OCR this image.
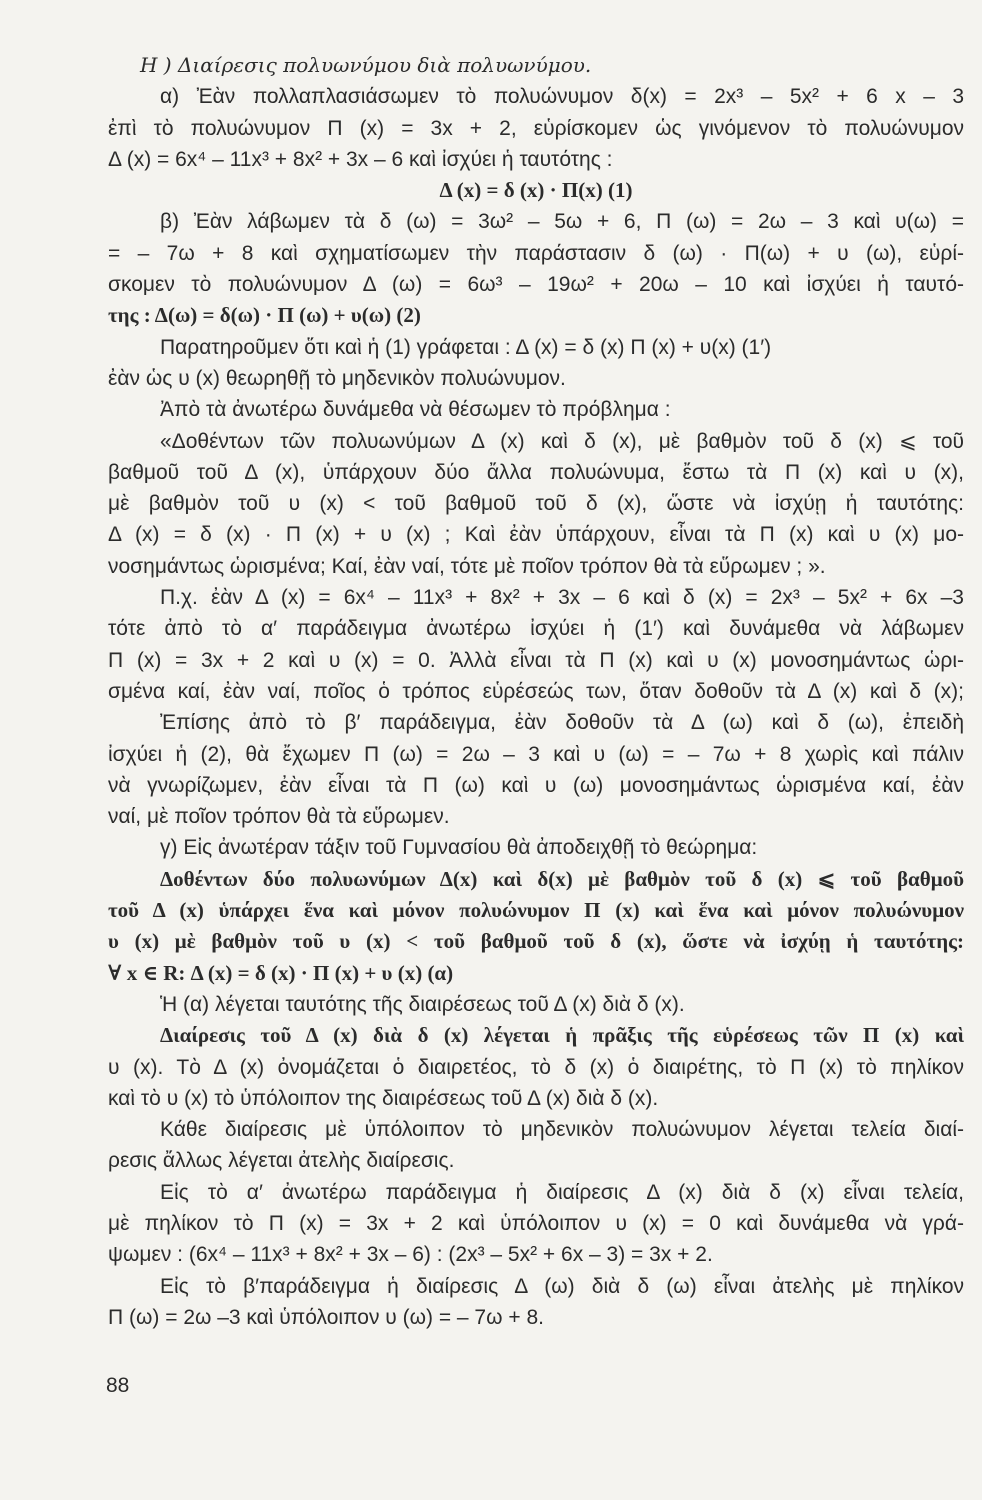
Η ) Διαίρεσις πολυωνύμου διὰ πολυωνύμου.
α) Ἐὰν πολλαπλασιάσωμεν τὸ πολυώνυμον δ(x) = 2x³ – 5x² + 6 x – 3
ἐπὶ τὸ πολυώνυμον Π (x) = 3x + 2, εὑρίσκομεν ὡς γινόμενον τὸ πολυώνυμον
Δ (x) = 6x⁴ – 11x³ + 8x² + 3x – 6 καὶ ἰσχύει ἡ ταυτότης :
Δ (x) = δ (x) · Π(x) (1)
β) Ἐὰν λάβωμεν τὰ δ (ω) = 3ω² – 5ω + 6, Π (ω) = 2ω – 3 καὶ υ(ω) =
= – 7ω + 8 καὶ σχηματίσωμεν τὴν παράστασιν δ (ω) · Π(ω) + υ (ω), εὑρί-
σκομεν τὸ πολυώνυμον Δ (ω) = 6ω³ – 19ω² + 20ω – 10 καὶ ἰσχύει ἡ ταυτό-
της : Δ(ω) = δ(ω) · Π (ω) + υ(ω) (2)
Παρατηροῦμεν ὅτι καὶ ἡ (1) γράφεται : Δ (x) = δ (x) Π (x) + υ(x) (1′)
ἐὰν ὡς υ (x) θεωρηθῇ τὸ μηδενικὸν πολυώνυμον.
Ἀπὸ τὰ ἀνωτέρω δυνάμεθα νὰ θέσωμεν τὸ πρόβλημα :
«Δοθέντων τῶν πολυωνύμων Δ (x) καὶ δ (x), μὲ βαθμὸν τοῦ δ (x) ⩽ τοῦ
βαθμοῦ τοῦ Δ (x), ὑπάρχουν δύο ἄλλα πολυώνυμα, ἔστω τὰ Π (x) καὶ υ (x),
μὲ βαθμὸν τοῦ υ (x) < τοῦ βαθμοῦ τοῦ δ (x), ὥστε νὰ ἰσχύῃ ἡ ταυτότης:
Δ (x) = δ (x) · Π (x) + υ (x) ; Καὶ ἐὰν ὑπάρχουν, εἶναι τὰ Π (x) καὶ υ (x) μο-
νοσημάντως ὡρισμένα; Καί, ἐὰν ναί, τότε μὲ ποῖον τρόπον θὰ τὰ εὕρωμεν ; ».
Π.χ. ἐὰν Δ (x) = 6x⁴ – 11x³ + 8x² + 3x – 6 καὶ δ (x) = 2x³ – 5x² + 6x –3
τότε ἀπὸ τὸ α′ παράδειγμα ἀνωτέρω ἰσχύει ἡ (1′) καὶ δυνάμεθα νὰ λάβωμεν
Π (x) = 3x + 2 καὶ υ (x) = 0. Ἀλλὰ εἶναι τὰ Π (x) καὶ υ (x) μονοσημάντως ὡρι-
σμένα καί, ἐὰν ναί, ποῖος ὁ τρόπος εὑρέσεώς των, ὅταν δοθοῦν τὰ Δ (x) καὶ δ (x);
Ἐπίσης ἀπὸ τὸ β′ παράδειγμα, ἐὰν δοθοῦν τὰ Δ (ω) καὶ δ (ω), ἐπειδὴ
ἰσχύει ἡ (2), θὰ ἔχωμεν Π (ω) = 2ω – 3 καὶ υ (ω) = – 7ω + 8 χωρὶς καὶ πάλιν
νὰ γνωρίζωμεν, ἐὰν εἶναι τὰ Π (ω) καὶ υ (ω) μονοσημάντως ὡρισμένα καί, ἐὰν
ναί, μὲ ποῖον τρόπον θὰ τὰ εὕρωμεν.
γ) Εἰς ἀνωτέραν τάξιν τοῦ Γυμνασίου θὰ ἀποδειχθῇ τὸ θεώρημα:
Δοθέντων δύο πολυωνύμων Δ(x) καὶ δ(x) μὲ βαθμὸν τοῦ δ (x) ⩽ τοῦ βαθμοῦ
τοῦ Δ (x) ὑπάρχει ἕνα καὶ μόνον πολυώνυμον Π (x) καὶ ἕνα καὶ μόνον πολυώνυμον
υ (x) μὲ βαθμὸν τοῦ υ (x) < τοῦ βαθμοῦ τοῦ δ (x), ὥστε νὰ ἰσχύῃ ἡ ταυτότης:
∀ x ∈ R: Δ (x) = δ (x) · Π (x) + υ (x) (α)
Ἡ (α) λέγεται ταυτότης τῆς διαιρέσεως τοῦ Δ (x) διὰ δ (x).
Διαίρεσις τοῦ Δ (x) διὰ δ (x) λέγεται ἡ πρᾶξις τῆς εὑρέσεως τῶν Π (x) καὶ
υ (x). Τὸ Δ (x) ὀνομάζεται ὁ διαιρετέος, τὸ δ (x) ὁ διαιρέτης, τὸ Π (x) τὸ πηλίκον
καὶ τὸ υ (x) τὸ ὑπόλοιπον της διαιρέσεως τοῦ Δ (x) διὰ δ (x).
Κάθε διαίρεσις μὲ ὑπόλοιπον τὸ μηδενικὸν πολυώνυμον λέγεται τελεία διαί-
ρεσις ἄλλως λέγεται ἀτελὴς διαίρεσις.
Εἰς τὸ α′ ἀνωτέρω παράδειγμα ἡ διαίρεσις Δ (x) διὰ δ (x) εἶναι τελεία,
μὲ πηλίκον τὸ Π (x) = 3x + 2 καὶ ὑπόλοιπον υ (x) = 0 καὶ δυνάμεθα νὰ γρά-
ψωμεν : (6x⁴ – 11x³ + 8x² + 3x – 6) : (2x³ – 5x² + 6x – 3) = 3x + 2.
Εἰς τὸ β′παράδειγμα ἡ διαίρεσις Δ (ω) διὰ δ (ω) εἶναι ἀτελὴς μὲ πηλίκον
Π (ω) = 2ω –3 καὶ ὑπόλοιπον υ (ω) = – 7ω + 8.
88
